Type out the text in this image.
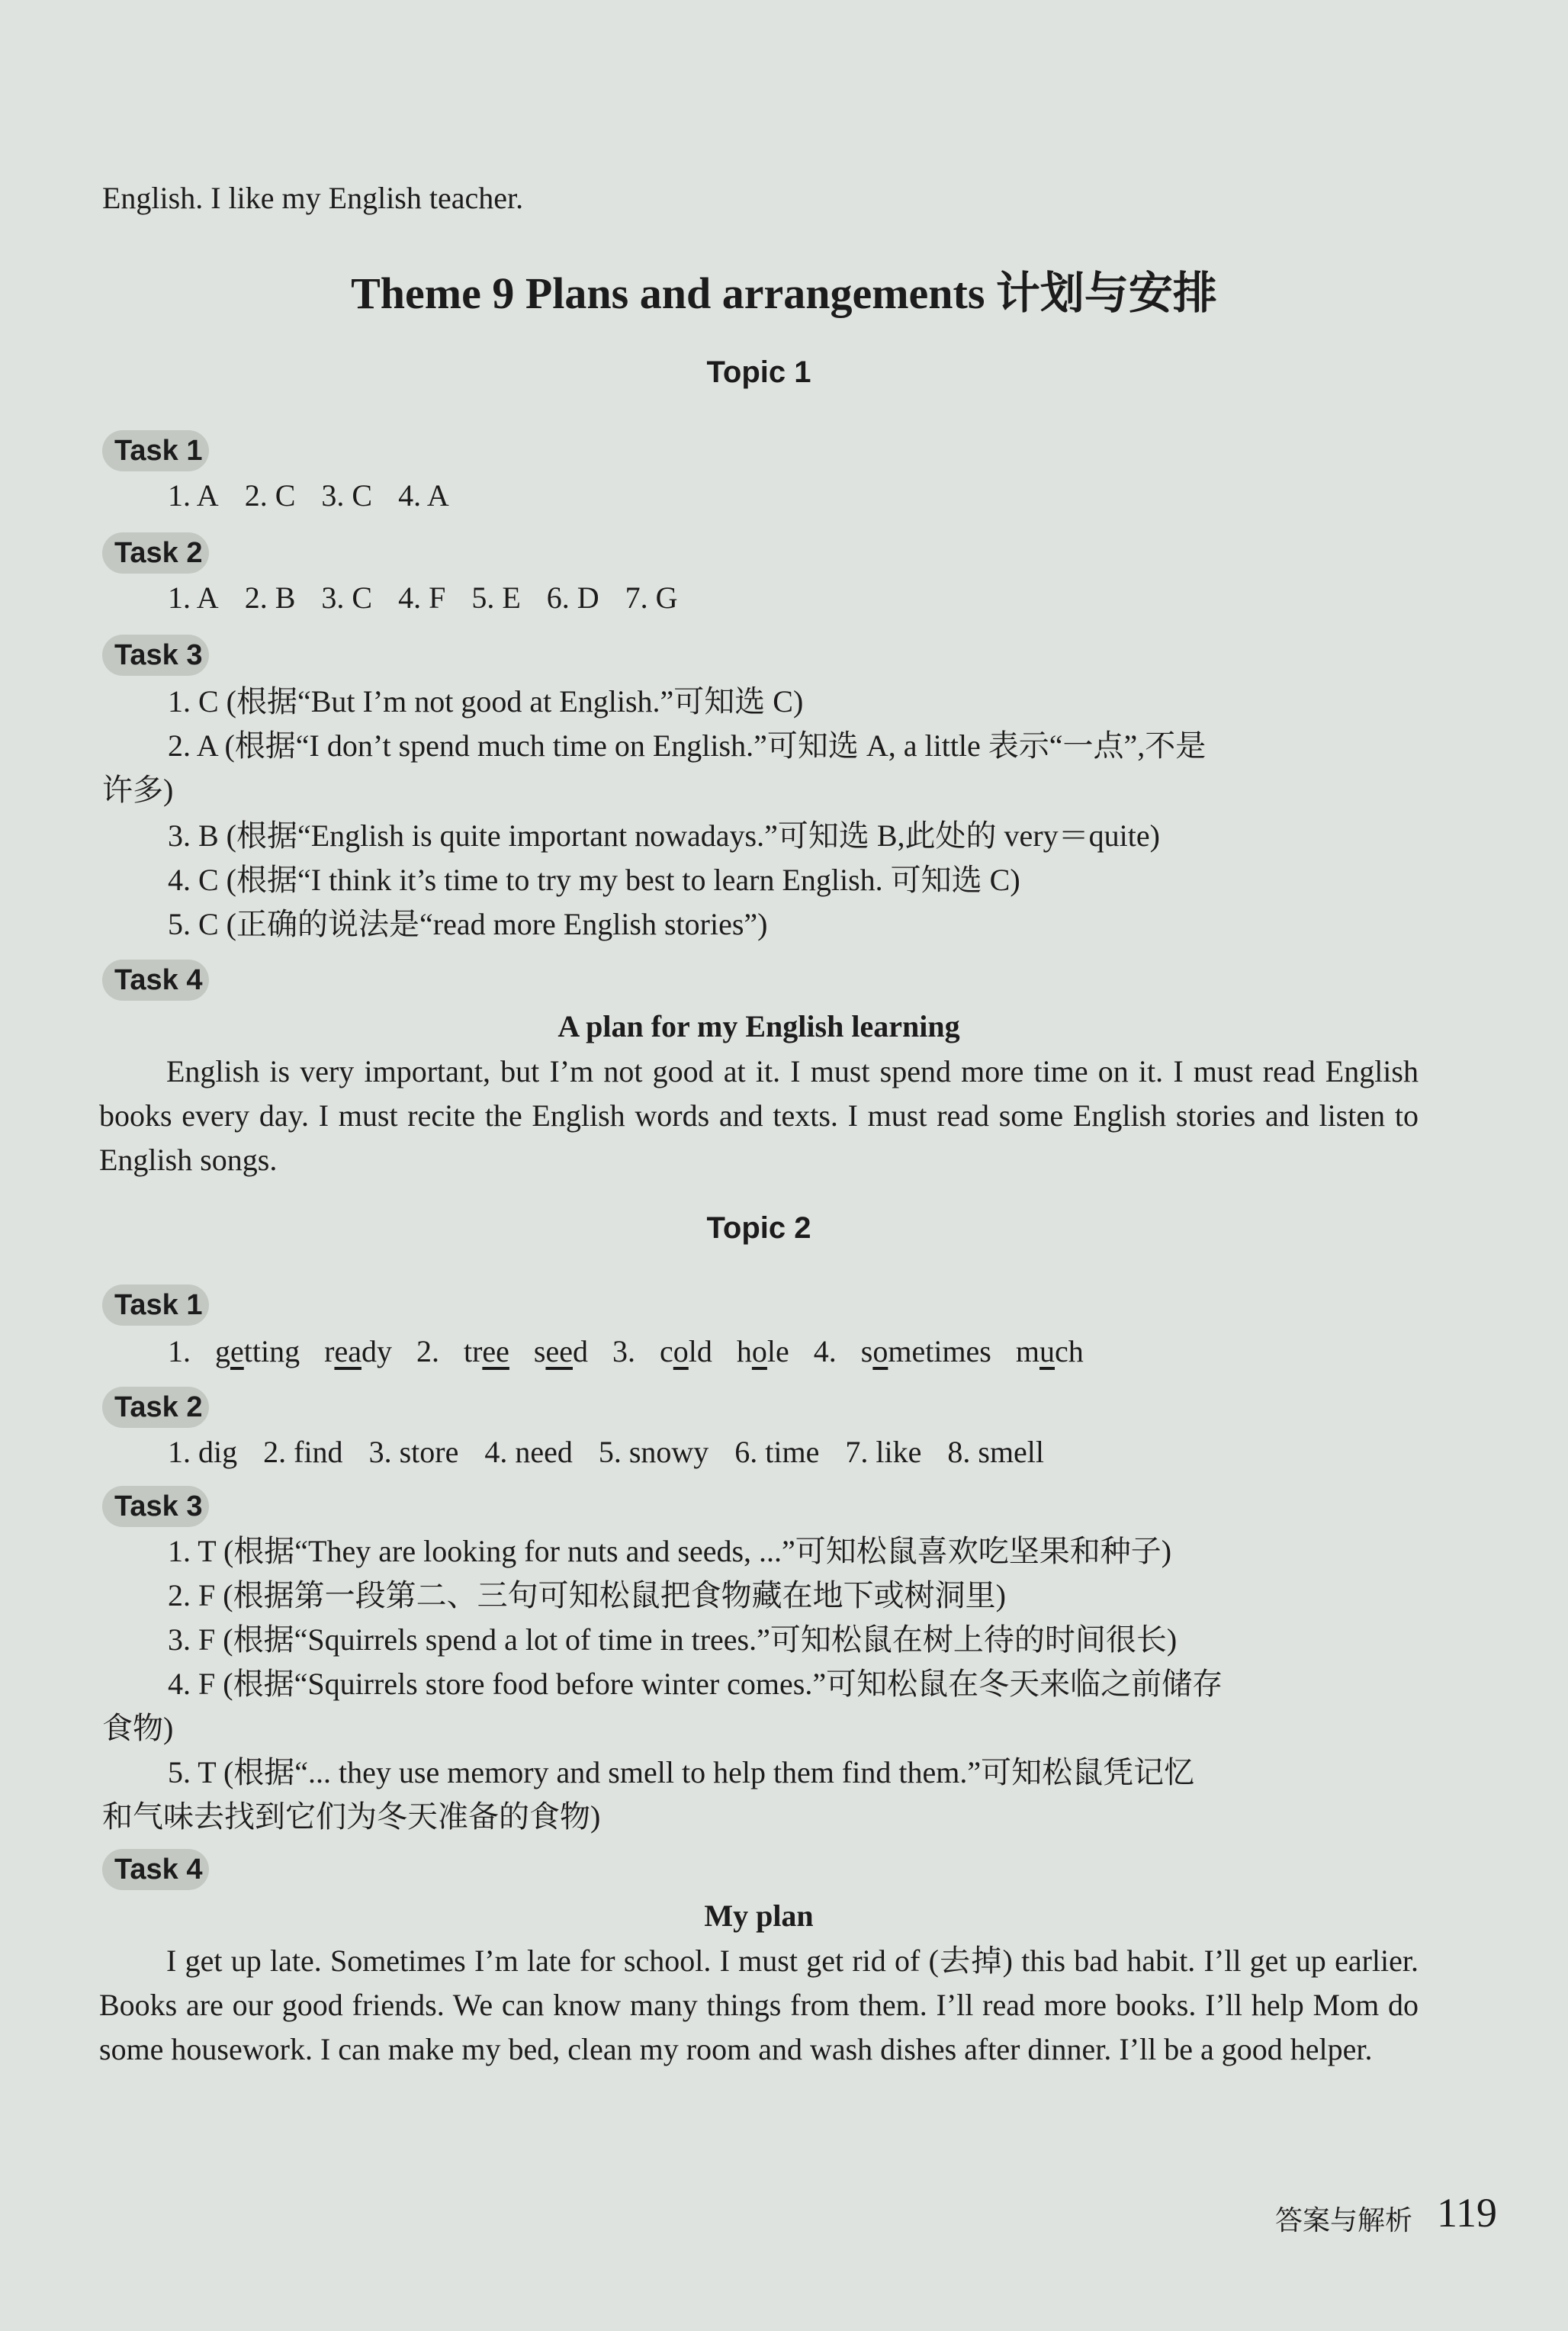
English. I like my English teacher.
Theme 9 Plans and arrangements 计划与安排
Topic 1
Task 1
1. A 2. C 3. C 4. A
Task 2
1. A 2. B 3. C 4. F 5. E 6. D 7. G
Task 3
1. C (根据“But I’m not good at English.”可知选 C)
2. A (根据“I don’t spend much time on English.”可知选 A, a little 表示“一点”,不是
许多)
3. B (根据“English is quite important nowadays.”可知选 B,此处的 very＝quite)
4. C (根据“I think it’s time to try my best to learn English. 可知选 C)
5. C (正确的说法是“read more English stories”)
Task 4
A plan for my English learning
English is very important, but I’m not good at it. I must spend more time on it. I must read English books every day. I must recite the English words and texts. I must read some English stories and listen to English songs.
Topic 2
Task 1
1. getting ready 2. tree seed 3. cold hole 4. sometimes much
Task 2
1. dig 2. find 3. store 4. need 5. snowy 6. time 7. like 8. smell
Task 3
1. T (根据“They are looking for nuts and seeds, ...”可知松鼠喜欢吃坚果和种子)
2. F (根据第一段第二、三句可知松鼠把食物藏在地下或树洞里)
3. F (根据“Squirrels spend a lot of time in trees.”可知松鼠在树上待的时间很长)
4. F (根据“Squirrels store food before winter comes.”可知松鼠在冬天来临之前储存
食物)
5. T (根据“... they use memory and smell to help them find them.”可知松鼠凭记忆
和气味去找到它们为冬天准备的食物)
Task 4
My plan
I get up late. Sometimes I’m late for school. I must get rid of (去掉) this bad habit. I’ll get up earlier. Books are our good friends. We can know many things from them. I’ll read more books. I’ll help Mom do some housework. I can make my bed, clean my room and wash dishes after dinner. I’ll be a good helper.
答案与解析 119
